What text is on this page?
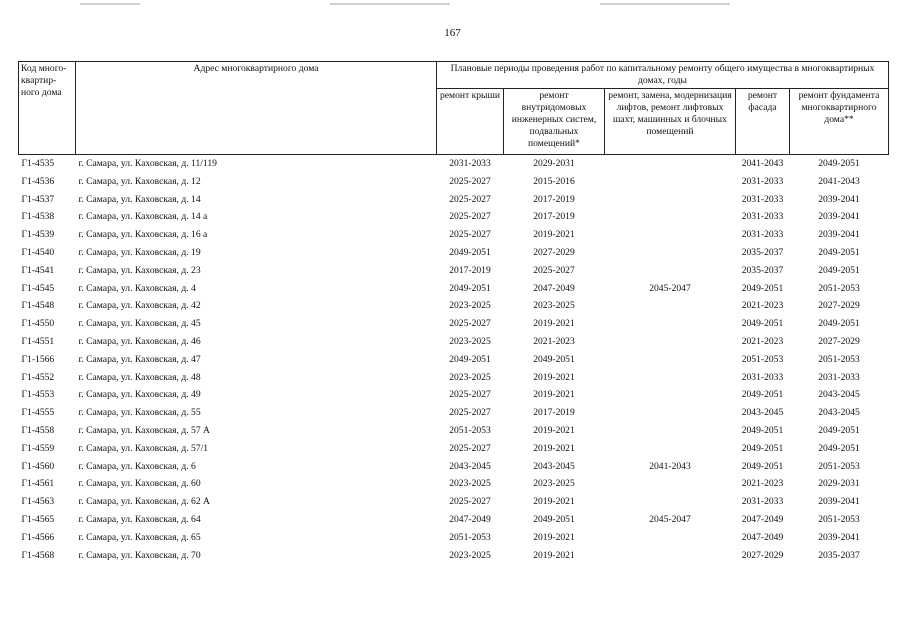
167
Код много-квартир-ного дома	Адрес многоквартирного дома	Плановые периоды проведения работ по капитальному ремонту общего имущества в многоквартирных домах, годы				
		ремонт крыши	ремонт внутридомовых инженерных систем, подвальных помещений*	ремонт, замена, модернизация лифтов, ремонт лифтовых шахт, машинных и блочных помещений	ремонт фасада	ремонт фундамента многоквартирного дома**
Г1-4535	г. Самара, ул. Каховская, д. 11/119	2031-2033	2029-2031		2041-2043	2049-2051
Г1-4536	г. Самара, ул. Каховская, д. 12	2025-2027	2015-2016		2031-2033	2041-2043
Г1-4537	г. Самара, ул. Каховская, д. 14	2025-2027	2017-2019		2031-2033	2039-2041
Г1-4538	г. Самара, ул. Каховская, д. 14 а	2025-2027	2017-2019		2031-2033	2039-2041
Г1-4539	г. Самара, ул. Каховская, д. 16 а	2025-2027	2019-2021		2031-2033	2039-2041
Г1-4540	г. Самара, ул. Каховская, д. 19	2049-2051	2027-2029		2035-2037	2049-2051
Г1-4541	г. Самара, ул. Каховская, д. 23	2017-2019	2025-2027		2035-2037	2049-2051
Г1-4545	г. Самара, ул. Каховская, д. 4	2049-2051	2047-2049	2045-2047	2049-2051	2051-2053
Г1-4548	г. Самара, ул. Каховская, д. 42	2023-2025	2023-2025		2021-2023	2027-2029
Г1-4550	г. Самара, ул. Каховская, д. 45	2025-2027	2019-2021		2049-2051	2049-2051
Г1-4551	г. Самара, ул. Каховская, д. 46	2023-2025	2021-2023		2021-2023	2027-2029
Г1-1566	г. Самара, ул. Каховская, д. 47	2049-2051	2049-2051		2051-2053	2051-2053
Г1-4552	г. Самара, ул. Каховская, д. 48	2023-2025	2019-2021		2031-2033	2031-2033
Г1-4553	г. Самара, ул. Каховская, д. 49	2025-2027	2019-2021		2049-2051	2043-2045
Г1-4555	г. Самара, ул. Каховская, д. 55	2025-2027	2017-2019		2043-2045	2043-2045
Г1-4558	г. Самара, ул. Каховская, д. 57 А	2051-2053	2019-2021		2049-2051	2049-2051
Г1-4559	г. Самара, ул. Каховская, д. 57/1	2025-2027	2019-2021		2049-2051	2049-2051
Г1-4560	г. Самара, ул. Каховская, д. 6	2043-2045	2043-2045	2041-2043	2049-2051	2051-2053
Г1-4561	г. Самара, ул. Каховская, д. 60	2023-2025	2023-2025		2021-2023	2029-2031
Г1-4563	г. Самара, ул. Каховская, д. 62 А	2025-2027	2019-2021		2031-2033	2039-2041
Г1-4565	г. Самара, ул. Каховская, д. 64	2047-2049	2049-2051	2045-2047	2047-2049	2051-2053
Г1-4566	г. Самара, ул. Каховская, д. 65	2051-2053	2019-2021		2047-2049	2039-2041
Г1-4568	г. Самара, ул. Каховская, д. 70	2023-2025	2019-2021		2027-2029	2035-2037
